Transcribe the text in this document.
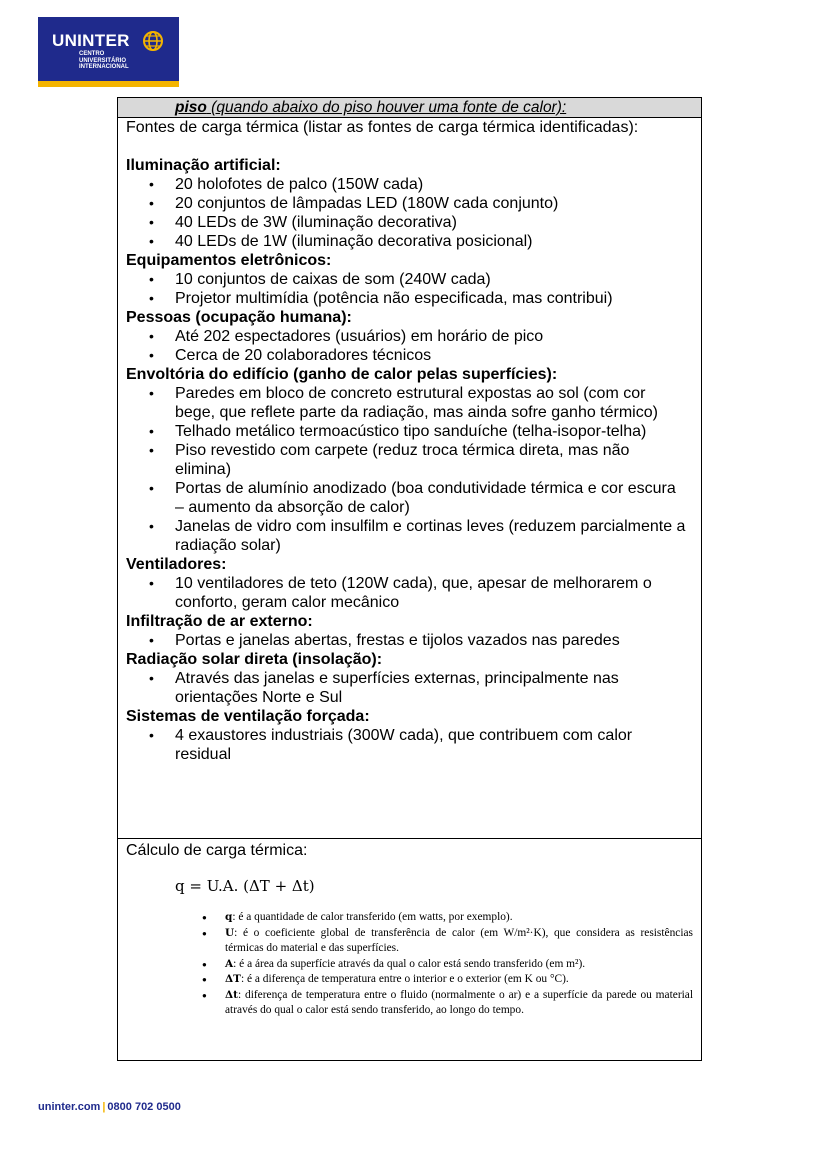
UNINTER
CENTRO
UNIVERSITÁRIO
INTERNACIONAL
piso (quando abaixo do piso houver uma fonte de calor):

Fontes de carga térmica (listar as fontes de carga térmica identificadas):

Iluminação artificial:

• 20 holofotes de palco (150W cada)
• 20 conjuntos de lâmpadas LED (180W cada conjunto)
• 40 LEDs de 3W (iluminação decorativa)
• 40 LEDs de 1W (iluminação decorativa posicional)

Equipamentos eletrônicos:

• 10 conjuntos de caixas de som (240W cada)
• Projetor multimídia (potência não especificada, mas contribui)

Pessoas (ocupação humana):

• Até 202 espectadores (usuários) em horário de pico
• Cerca de 20 colaboradores técnicos

Envoltória do edifício (ganho de calor pelas superfícies):

• Paredes em bloco de concreto estrutural expostas ao sol (com cor bege, que reflete parte da radiação, mas ainda sofre ganho térmico)
• Telhado metálico termoacústico tipo sanduíche (telha-isopor-telha)
• Piso revestido com carpete (reduz troca térmica direta, mas não elimina)
• Portas de alumínio anodizado (boa condutividade térmica e cor escura – aumento da absorção de calor)
• Janelas de vidro com insulfilm e cortinas leves (reduzem parcialmente a radiação solar)

Ventiladores:

• 10 ventiladores de teto (120W cada), que, apesar de melhorarem o conforto, geram calor mecânico

Infiltração de ar externo:

• Portas e janelas abertas, frestas e tijolos vazados nas paredes

Radiação solar direta (insolação):

• Através das janelas e superfícies externas, principalmente nas orientações Norte e Sul

Sistemas de ventilação forçada:

• 4 exaustores industriais (300W cada), que contribuem com calor residual
Cálculo de carga térmica:
q = U.A. (ΔT + Δt)
● q: é a quantidade de calor transferido (em watts, por exemplo).
● U: é o coeficiente global de transferência de calor (em W/m²·K), que considera as resistências térmicas do material e das superfícies.
● A: é a área da superfície através da qual o calor está sendo transferido (em m²).
● ΔT: é a diferença de temperatura entre o interior e o exterior (em K ou °C).
● Δt: diferença de temperatura entre o fluido (normalmente o ar) e a superfície da parede ou material através do qual o calor está sendo transferido, ao longo do tempo.
uninter.com | 0800 702 0500
